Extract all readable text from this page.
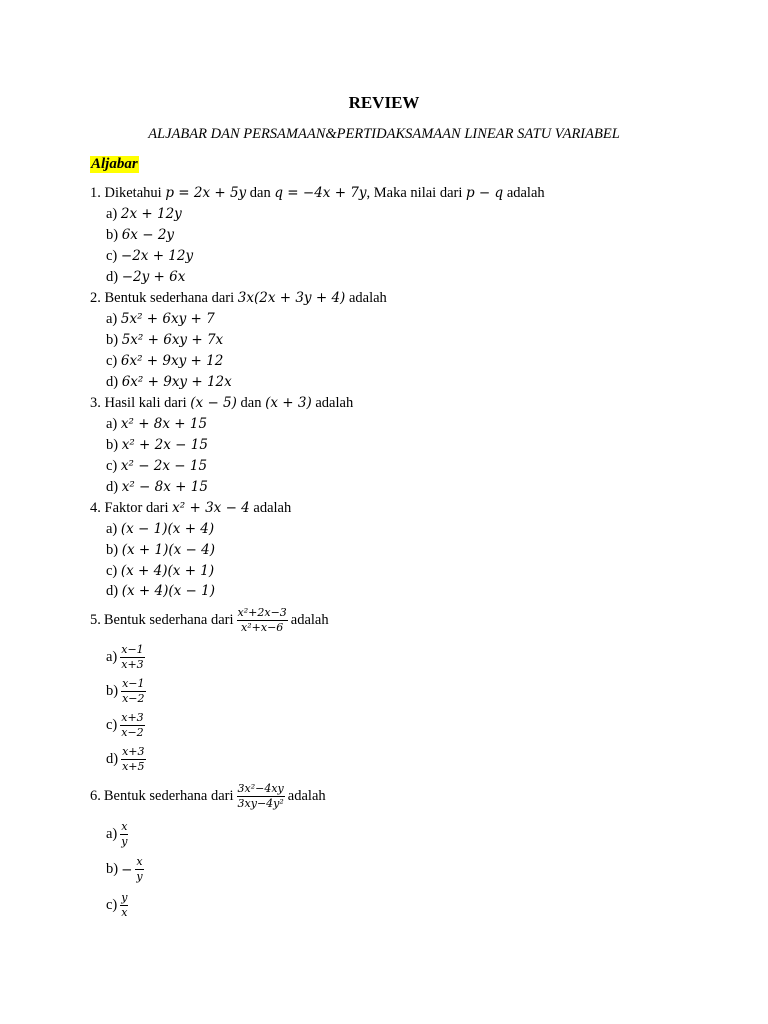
REVIEW
ALJABAR DAN PERSAMAAN&PERTIDAKSAMAAN LINEAR SATU VARIABEL
Aljabar
1. Diketahui p = 2x + 5y dan q = −4x + 7y, Maka nilai dari p − q adalah
a) 2x + 12y
b) 6x − 2y
c) −2x + 12y
d) −2y + 6x
2. Bentuk sederhana dari 3x(2x + 3y + 4) adalah
a) 5x² + 6xy + 7
b) 5x² + 6xy + 7x
c) 6x² + 9xy + 12
d) 6x² + 9xy + 12x
3. Hasil kali dari (x − 5) dan (x + 3) adalah
a) x² + 8x + 15
b) x² + 2x − 15
c) x² − 2x − 15
d) x² − 8x + 15
4. Faktor dari x² + 3x − 4 adalah
a) (x − 1)(x + 4)
b) (x + 1)(x − 4)
c) (x + 4)(x + 1)
d) (x + 4)(x − 1)
5. Bentuk sederhana dari $\frac{\text{x²+2x−3}}{\text{x²+x−6}}$ adalah
$a) \frac{x-1}{x+3}$
$b) \frac{x-1}{x-2}$
$c) \frac{x+3}{x-2}$
$d) \frac{x+3}{x+5}$
6. Bentuk sederhana dari $\frac{\text{3x²−4xy}}{\text{3xy−4y²}}$ adalah
$a) \frac{x}{y}$
$b) - \frac{x}{y}$
$c) \frac{y}{x}$
